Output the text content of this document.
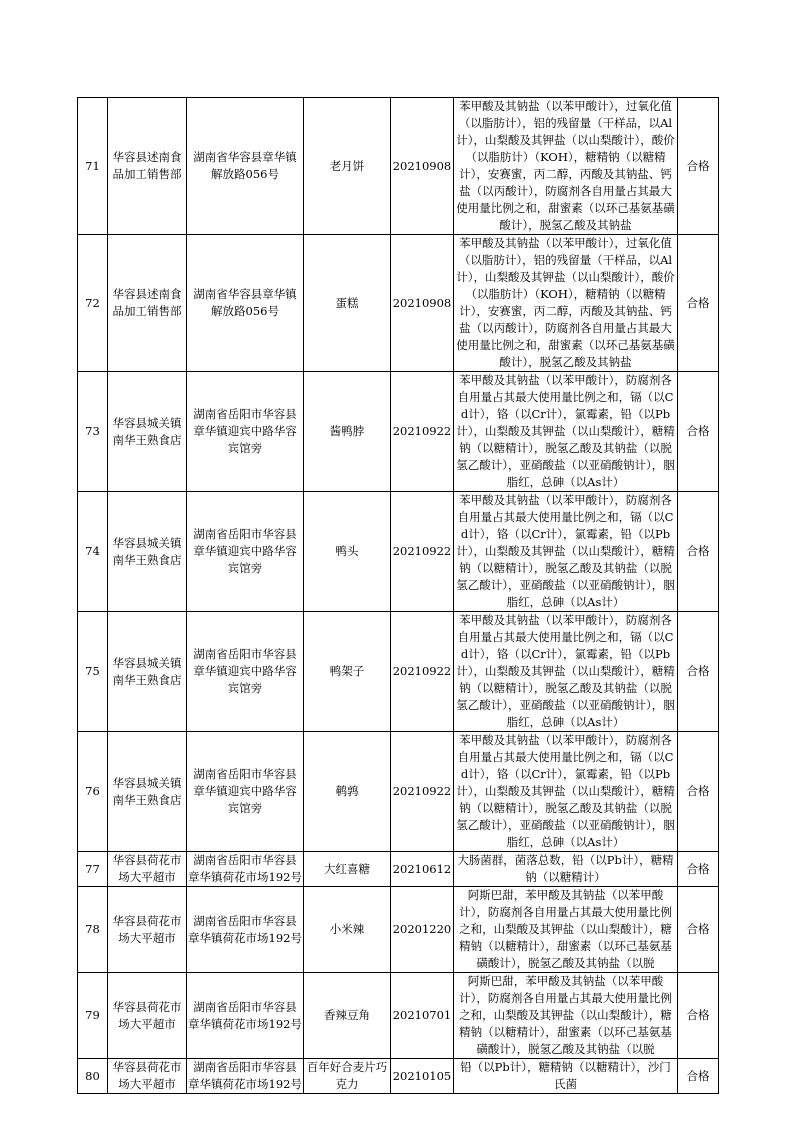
71	华容县述南食品加工销售部	湖南省华容县章华镇解放路056号	老月饼	20210908	苯甲酸及其钠盐（以苯甲酸计），过氧化值（以脂肪计），铝的残留量（干样品，以Al计），山梨酸及其钾盐（以山梨酸计），酸价（以脂肪计）（KOH），糖精钠（以糖精计），安赛蜜，丙二醇，丙酸及其钠盐、钙盐（以丙酸计），防腐剂各自用量占其最大使用量比例之和，甜蜜素（以环己基氨基磺酸计），脱氢乙酸及其钠盐	合格
72	华容县述南食品加工销售部	湖南省华容县章华镇解放路056号	蛋糕	20210908	苯甲酸及其钠盐（以苯甲酸计），过氧化值（以脂肪计），铝的残留量（干样品，以Al计），山梨酸及其钾盐（以山梨酸计），酸价（以脂肪计）（KOH），糖精钠（以糖精计），安赛蜜，丙二醇，丙酸及其钠盐、钙盐（以丙酸计），防腐剂各自用量占其最大使用量比例之和，甜蜜素（以环己基氨基磺酸计），脱氢乙酸及其钠盐	合格
73	华容县城关镇南华王熟食店	湖南省岳阳市华容县章华镇迎宾中路华容宾馆旁	酱鸭脖	20210922	苯甲酸及其钠盐（以苯甲酸计），防腐剂各自用量占其最大使用量比例之和，镉（以Cd计），铬（以Cr计），氯霉素，铅（以Pb计），山梨酸及其钾盐（以山梨酸计），糖精钠（以糖精计），脱氢乙酸及其钠盐（以脱氢乙酸计），亚硝酸盐（以亚硝酸钠计），胭脂红，总砷（以As计）	合格
74	华容县城关镇南华王熟食店	湖南省岳阳市华容县章华镇迎宾中路华容宾馆旁	鸭头	20210922	苯甲酸及其钠盐（以苯甲酸计），防腐剂各自用量占其最大使用量比例之和，镉（以Cd计），铬（以Cr计），氯霉素，铅（以Pb计），山梨酸及其钾盐（以山梨酸计），糖精钠（以糖精计），脱氢乙酸及其钠盐（以脱氢乙酸计），亚硝酸盐（以亚硝酸钠计），胭脂红，总砷（以As计）	合格
75	华容县城关镇南华王熟食店	湖南省岳阳市华容县章华镇迎宾中路华容宾馆旁	鸭架子	20210922	苯甲酸及其钠盐（以苯甲酸计），防腐剂各自用量占其最大使用量比例之和，镉（以Cd计），铬（以Cr计），氯霉素，铅（以Pb计），山梨酸及其钾盐（以山梨酸计），糖精钠（以糖精计），脱氢乙酸及其钠盐（以脱氢乙酸计），亚硝酸盐（以亚硝酸钠计），胭脂红，总砷（以As计）	合格
76	华容县城关镇南华王熟食店	湖南省岳阳市华容县章华镇迎宾中路华容宾馆旁	鹌鹑	20210922	苯甲酸及其钠盐（以苯甲酸计），防腐剂各自用量占其最大使用量比例之和，镉（以Cd计），铬（以Cr计），氯霉素，铅（以Pb计），山梨酸及其钾盐（以山梨酸计），糖精钠（以糖精计），脱氢乙酸及其钠盐（以脱氢乙酸计），亚硝酸盐（以亚硝酸钠计），胭脂红，总砷（以As计）	合格
77	华容县荷花市场大平超市	湖南省岳阳市华容县章华镇荷花市场192号	大红喜糖	20210612	大肠菌群，菌落总数，铅（以Pb计），糖精钠（以糖精计）	合格
78	华容县荷花市场大平超市	湖南省岳阳市华容县章华镇荷花市场192号	小米辣	20201220	阿斯巴甜，苯甲酸及其钠盐（以苯甲酸计），防腐剂各自用量占其最大使用量比例之和，山梨酸及其钾盐（以山梨酸计），糖精钠（以糖精计），甜蜜素（以环己基氨基磺酸计），脱氢乙酸及其钠盐（以脱	合格
79	华容县荷花市场大平超市	湖南省岳阳市华容县章华镇荷花市场192号	香辣豆角	20210701	阿斯巴甜，苯甲酸及其钠盐（以苯甲酸计），防腐剂各自用量占其最大使用量比例之和，山梨酸及其钾盐（以山梨酸计），糖精钠（以糖精计），甜蜜素（以环己基氨基磺酸计），脱氢乙酸及其钠盐（以脱	合格
80	华容县荷花市场大平超市	湖南省岳阳市华容县章华镇荷花市场192号	百年好合麦片巧克力	20210105	铅（以Pb计），糖精钠（以糖精计），沙门氏菌	合格
